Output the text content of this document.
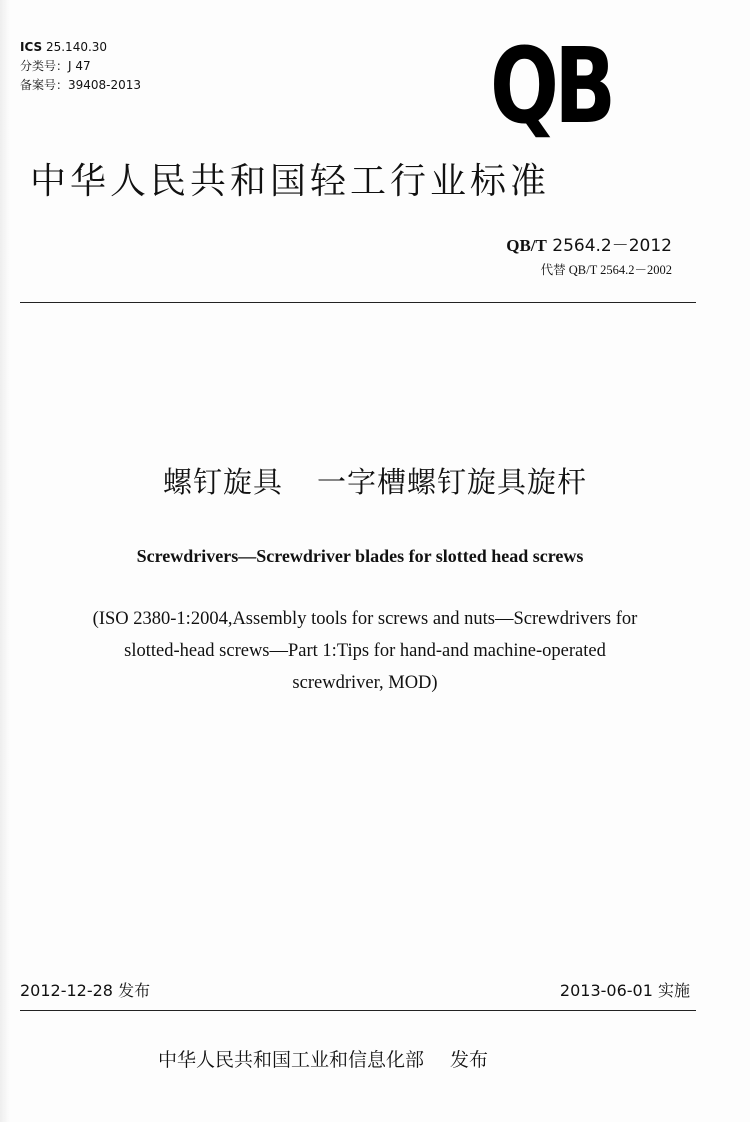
ICS 25.140.30
分类号：J 47
备案号：39408-2013	QB
中华人民共和国轻工行业标准
QB/T 2564.2－2012
代替 QB/T 2564.2－2002
螺钉旋具 一字槽螺钉旋具旋杆
Screwdrivers—Screwdriver blades for slotted head screws
(ISO 2380-1:2004,Assembly tools for screws and nuts—Screwdrivers for
slotted-head screws—Part 1:Tips for hand-and machine-operated
screwdriver, MOD)
2012-12-28 发布	2013-06-01 实施
中华人民共和国工业和信息化部 发布
